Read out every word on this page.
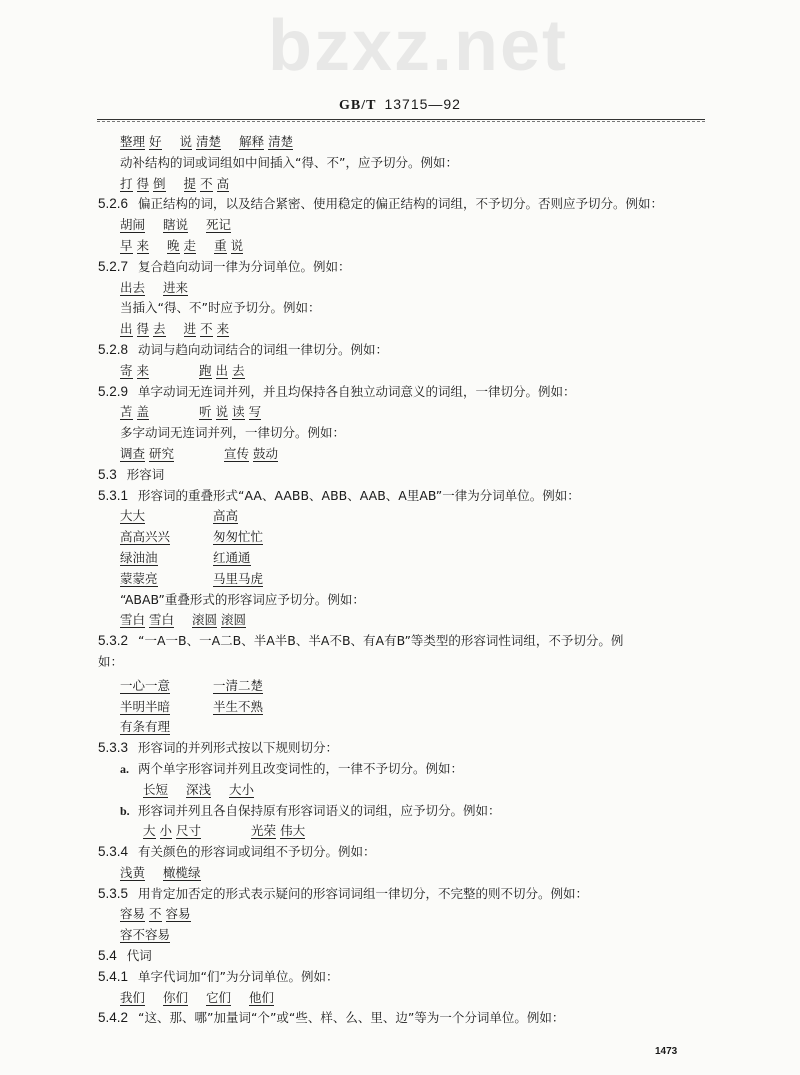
bzxz.net
GB/T 13715—92
整理 好 说 清楚 解释 清楚
动补结构的词或词组如中间插入“得、不”，应予切分。例如：
打 得 倒 提 不 高
5.2.6 偏正结构的词，以及结合紧密、使用稳定的偏正结构的词组，不予切分。否则应予切分。例如：
胡闹 瞎说 死记
早 来 晚 走 重 说
5.2.7 复合趋向动词一律为分词单位。例如：
出去 进来
当插入“得、不”时应予切分。例如：
出 得 去 进 不 来
5.2.8 动词与趋向动词结合的词组一律切分。例如：
寄 来	跑 出 去
5.2.9 单字动词无连词并列，并且均保持各自独立动词意义的词组，一律切分。例如：
苫 盖	听 说 读 写
多字动词无连词并列，一律切分。例如：
调查 研究	宣传 鼓动
5.3 形容词
5.3.1 形容词的重叠形式“AA、AABB、ABB、AAB、A里AB”一律为分词单位。例如：
大大	高高
高高兴兴	匆匆忙忙
绿油油	红通通
蒙蒙亮	马里马虎
“ABAB”重叠形式的形容词应予切分。例如：
雪白 雪白 滚圆 滚圆
5.3.2 “一A一B、一A二B、半A半B、半A不B、有A有B”等类型的形容词性词组，不予切分。例
如：
一心一意	一清二楚
半明半暗	半生不熟
有条有理
5.3.3 形容词的并列形式按以下规则切分：
a. 两个单字形容词并列且改变词性的，一律不予切分。例如：
长短 深浅 大小
b. 形容词并列且各自保持原有形容词语义的词组，应予切分。例如：
大 小 尺寸	光荣 伟大
5.3.4 有关颜色的形容词或词组不予切分。例如：
浅黄 橄榄绿
5.3.5 用肯定加否定的形式表示疑问的形容词词组一律切分，不完整的则不切分。例如：
容易 不 容易
容不容易
5.4 代词
5.4.1 单字代词加“们”为分词单位。例如：
我们 你们 它们 他们
5.4.2 “这、那、哪”加量词“个”或“些、样、么、里、边”等为一个分词单位。例如：
1473
